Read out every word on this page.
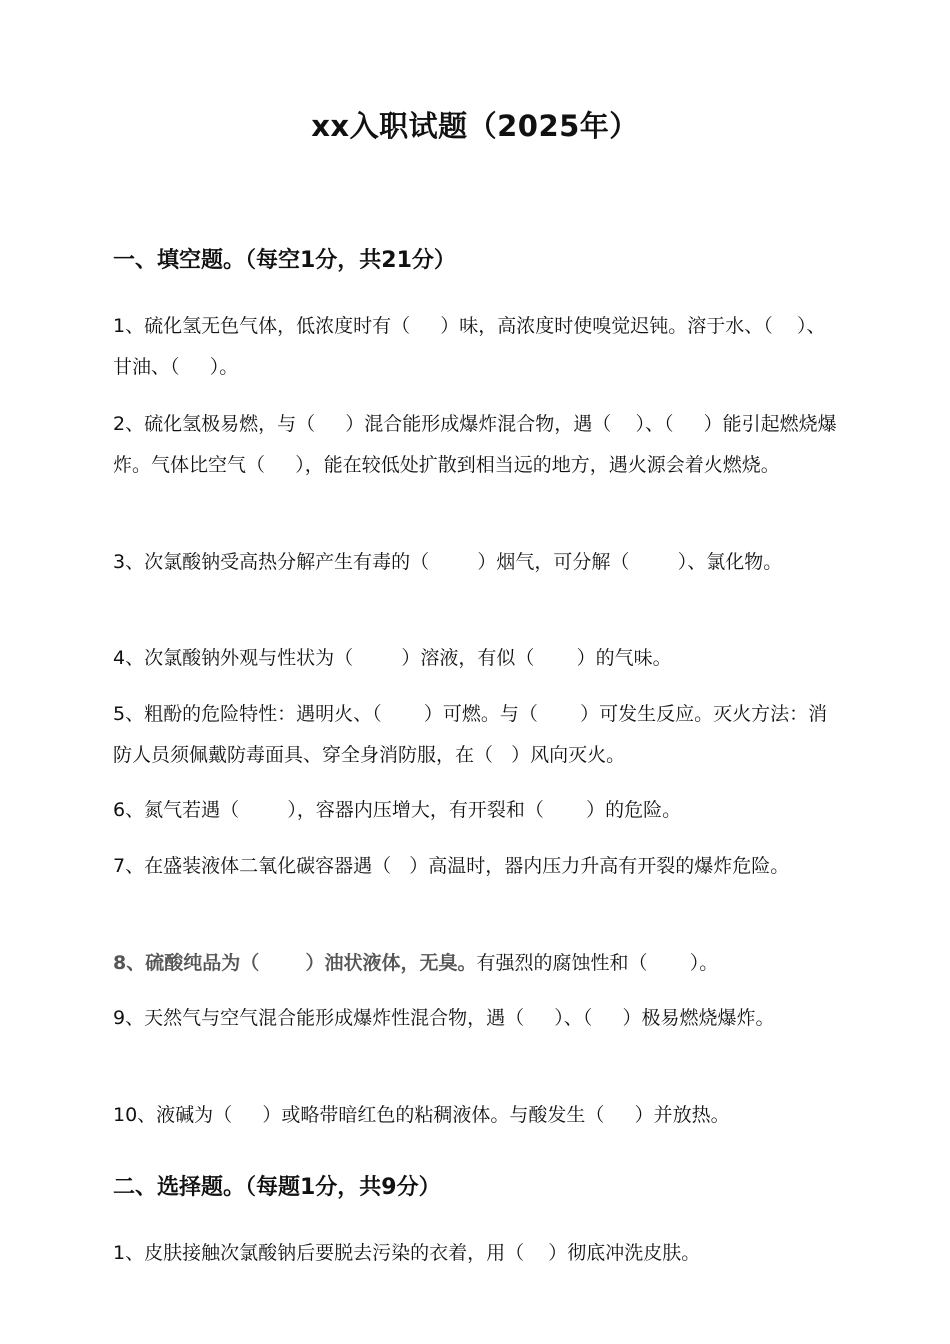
xx入职试题（2025年）
一、填空题。（每空1分，共21分）
1、硫化氢无色气体，低浓度时有（     ）味，高浓度时使嗅觉迟钝。溶于水、（    ）、甘油、（     ）。
2、硫化氢极易燃，与（     ）混合能形成爆炸混合物，遇（    ）、（     ）能引起燃烧爆炸。气体比空气（     ），能在较低处扩散到相当远的地方，遇火源会着火燃烧。
3、次氯酸钠受高热分解产生有毒的（        ）烟气，可分解（        ）、氯化物。
4、次氯酸钠外观与性状为（        ）溶液，有似（       ）的气味。
5、粗酚的危险特性：遇明火、（       ）可燃。与（       ）可发生反应。灭火方法：消防人员须佩戴防毒面具、穿全身消防服，在（   ）风向灭火。
6、氮气若遇（        ），容器内压增大，有开裂和（       ）的危险。
7、在盛装液体二氧化碳容器遇（   ）高温时，器内压力升高有开裂的爆炸危险。
8、硫酸纯品为（       ）油状液体，无臭。有强烈的腐蚀性和（       ）。
9、天然气与空气混合能形成爆炸性混合物，遇（     ）、（     ）极易燃烧爆炸。
10、液碱为（     ）或略带暗红色的粘稠液体。与酸发生（     ）并放热。
二、选择题。（每题1分，共9分）
1、皮肤接触次氯酸钠后要脱去污染的衣着，用（    ）彻底冲洗皮肤。
